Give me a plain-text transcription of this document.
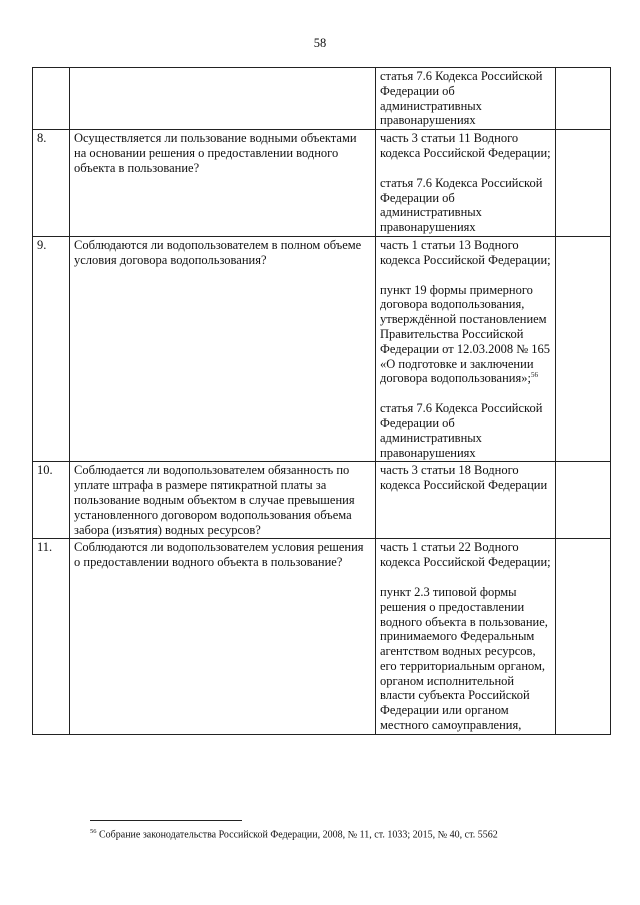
58

		статья 7.6 Кодекса Российской Федерации об административных правонарушениях	

8.	Осуществляется ли пользование водными объектами на основании решения о предоставлении водного объекта в пользование?	часть 3 статьи 11 Водного кодекса Российской Федерации;
статья 7.6 Кодекса Российской Федерации об административных правонарушениях	

9.	Соблюдаются ли водопользователем в полном объеме условия договора водопользования?	часть 1 статьи 13 Водного кодекса Российской Федерации;
пункт 19 формы примерного договора водопользования, утверждённой постановлением Правительства Российской Федерации от 12.03.2008 № 165 «О подготовке и заключении договора водопользования»;$^{56}$
статья 7.6 Кодекса Российской Федерации об административных правонарушениях	

10.	Соблюдается ли водопользователем обязанность по уплате штрафа в размере пятикратной платы за пользование водным объектом в случае превышения установленного договором водопользования объема забора (изъятия) водных ресурсов?	часть 3 статьи 18 Водного кодекса Российской Федерации	

11.	Соблюдаются ли водопользователем условия решения о предоставлении водного объекта в пользование?	часть 1 статьи 22 Водного кодекса Российской Федерации;
пункт 2.3 типовой формы решения о предоставлении водного объекта в пользование, принимаемого Федеральным агентством водных ресурсов, его территориальным органом, органом исполнительной власти субъекта Российской Федерации или органом местного самоуправления,	

$^{56}$ Собрание законодательства Российской Федерации, 2008, № 11, ст. 1033; 2015, № 40, ст. 5562
